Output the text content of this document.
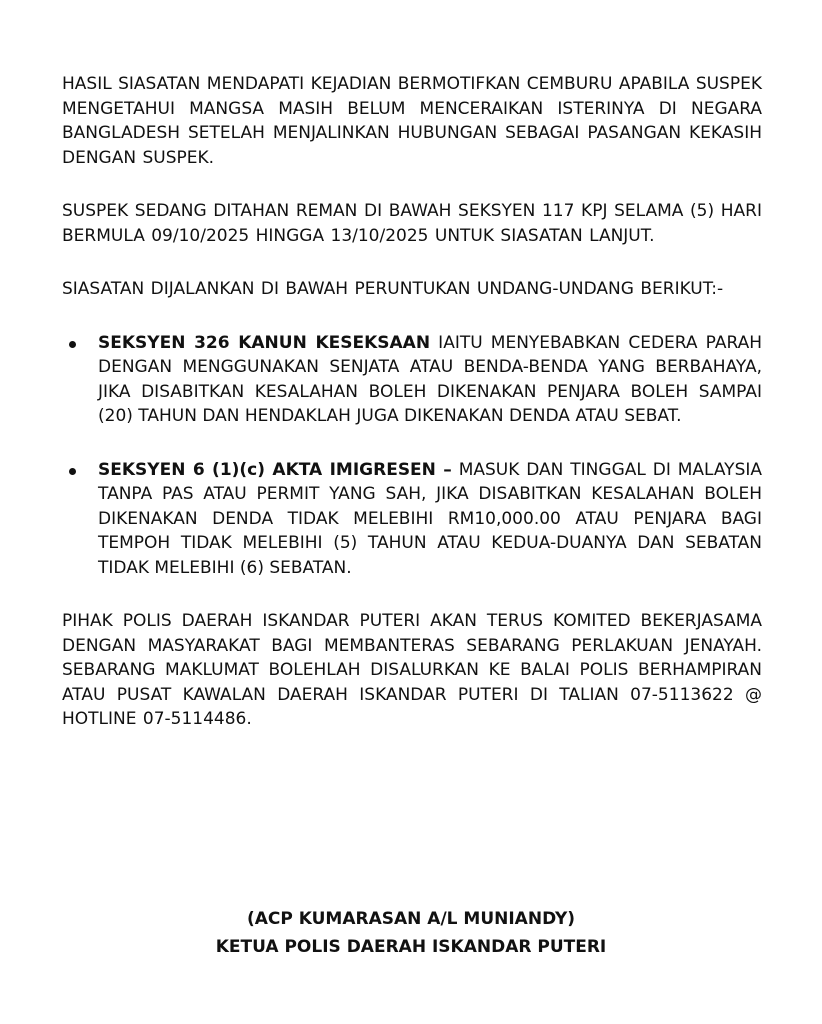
HASIL SIASATAN MENDAPATI KEJADIAN BERMOTIFKAN CEMBURU APABILA SUSPEK MENGETAHUI MANGSA MASIH BELUM MENCERAIKAN ISTERINYA DI NEGARA BANGLADESH SETELAH MENJALINKAN HUBUNGAN SEBAGAI PASANGAN KEKASIH DENGAN SUSPEK.

SUSPEK SEDANG DITAHAN REMAN DI BAWAH SEKSYEN 117 KPJ SELAMA (5) HARI BERMULA 09/10/2025 HINGGA 13/10/2025 UNTUK SIASATAN LANJUT.

SIASATAN DIJALANKAN DI BAWAH PERUNTUKAN UNDANG-UNDANG BERIKUT:-

SEKSYEN 326 KANUN KESEKSAAN IAITU MENYEBABKAN CEDERA PARAH DENGAN MENGGUNAKAN SENJATA ATAU BENDA-BENDA YANG BERBAHAYA, JIKA DISABITKAN KESALAHAN BOLEH DIKENAKAN PENJARA BOLEH SAMPAI (20) TAHUN DAN HENDAKLAH JUGA DIKENAKAN DENDA ATAU SEBAT.
SEKSYEN 6 (1)(c) AKTA IMIGRESEN – MASUK DAN TINGGAL DI MALAYSIA TANPA PAS ATAU PERMIT YANG SAH, JIKA DISABITKAN KESALAHAN BOLEH DIKENAKAN DENDA TIDAK MELEBIHI RM10,000.00 ATAU PENJARA BAGI TEMPOH TIDAK MELEBIHI (5) TAHUN ATAU KEDUA-DUANYA DAN SEBATAN TIDAK MELEBIHI (6) SEBATAN.

PIHAK POLIS DAERAH ISKANDAR PUTERI AKAN TERUS KOMITED BEKERJASAMA DENGAN MASYARAKAT BAGI MEMBANTERAS SEBARANG PERLAKUAN JENAYAH. SEBARANG MAKLUMAT BOLEHLAH DISALURKAN KE BALAI POLIS BERHAMPIRAN ATAU PUSAT KAWALAN DAERAH ISKANDAR PUTERI DI TALIAN 07-5113622 @ HOTLINE 07-5114486.

(ACP KUMARASAN A/L MUNIANDY)
KETUA POLIS DAERAH ISKANDAR PUTERI
